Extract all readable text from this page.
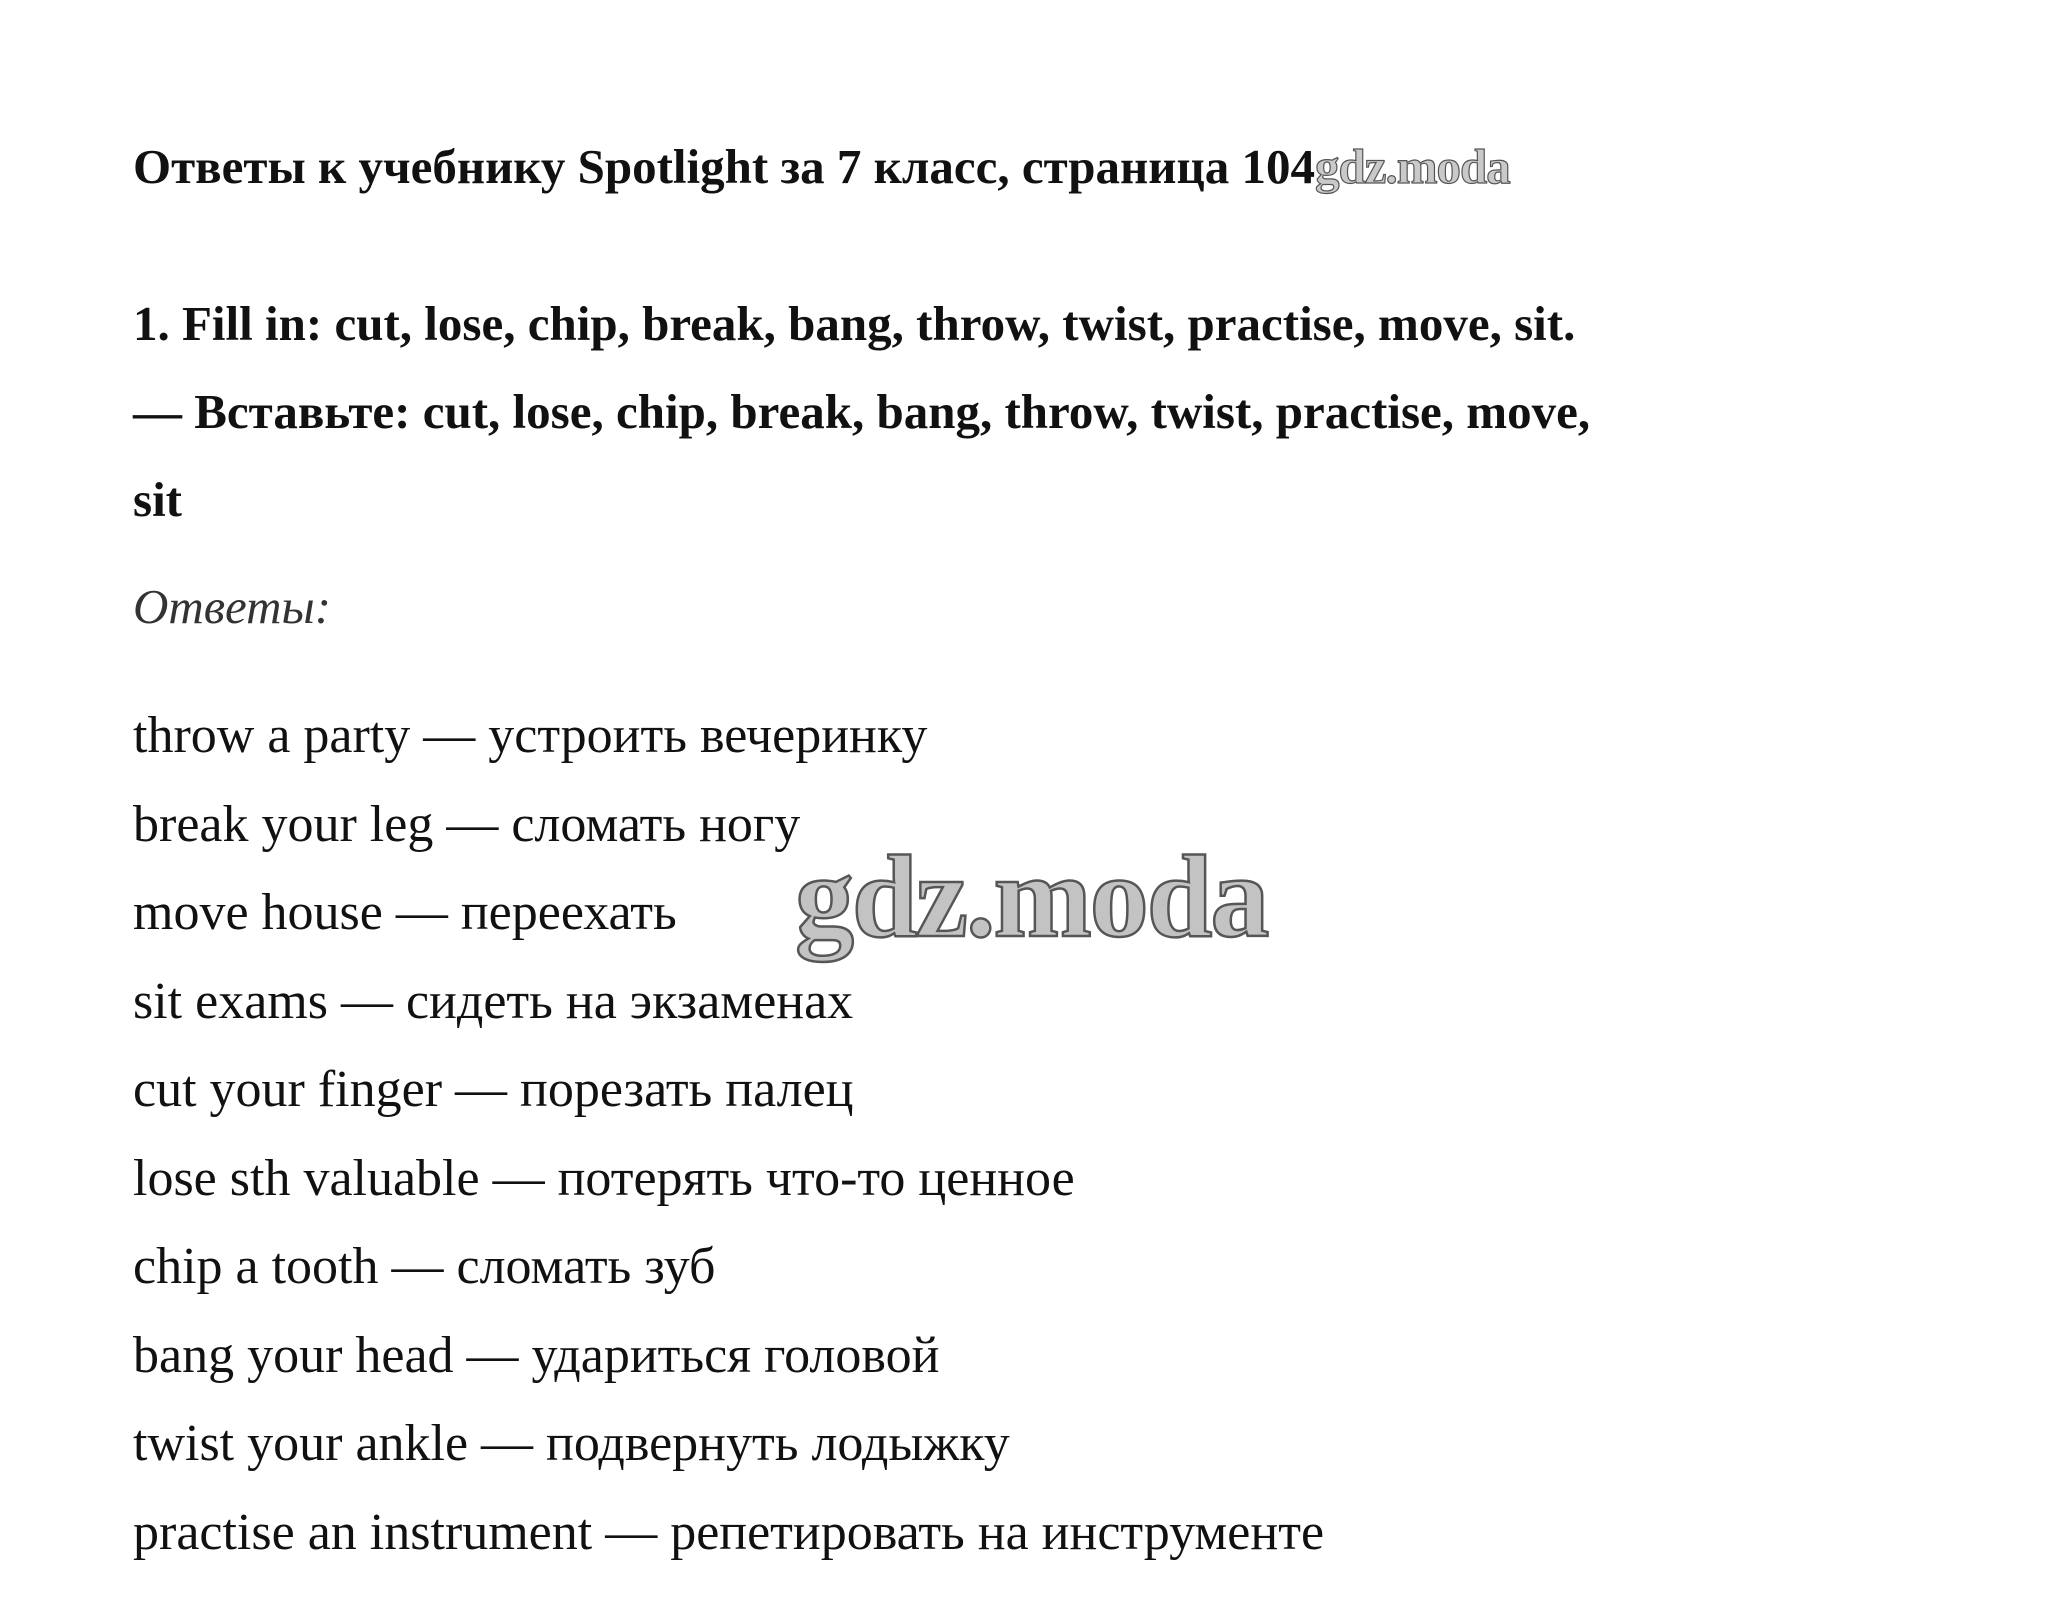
Ответы к учебнику Spotlight за 7 класс, страница 104gdz.moda
1. Fill in: cut, lose, chip, break, bang, throw, twist, practise, move, sit.
— Вставьте: cut, lose, chip, break, bang, throw, twist, practise, move,
sit
Ответы:
throw a party — устроить вечеринку
break your leg — сломать ногу
move house — переехать
sit exams — сидеть на экзаменах
cut your finger — порезать палец
lose sth valuable — потерять что-то ценное
chip a tooth — сломать зуб
bang your head — удариться головой
twist your ankle — подвернуть лодыжку
practise an instrument — репетировать на инструменте
gdz.moda
